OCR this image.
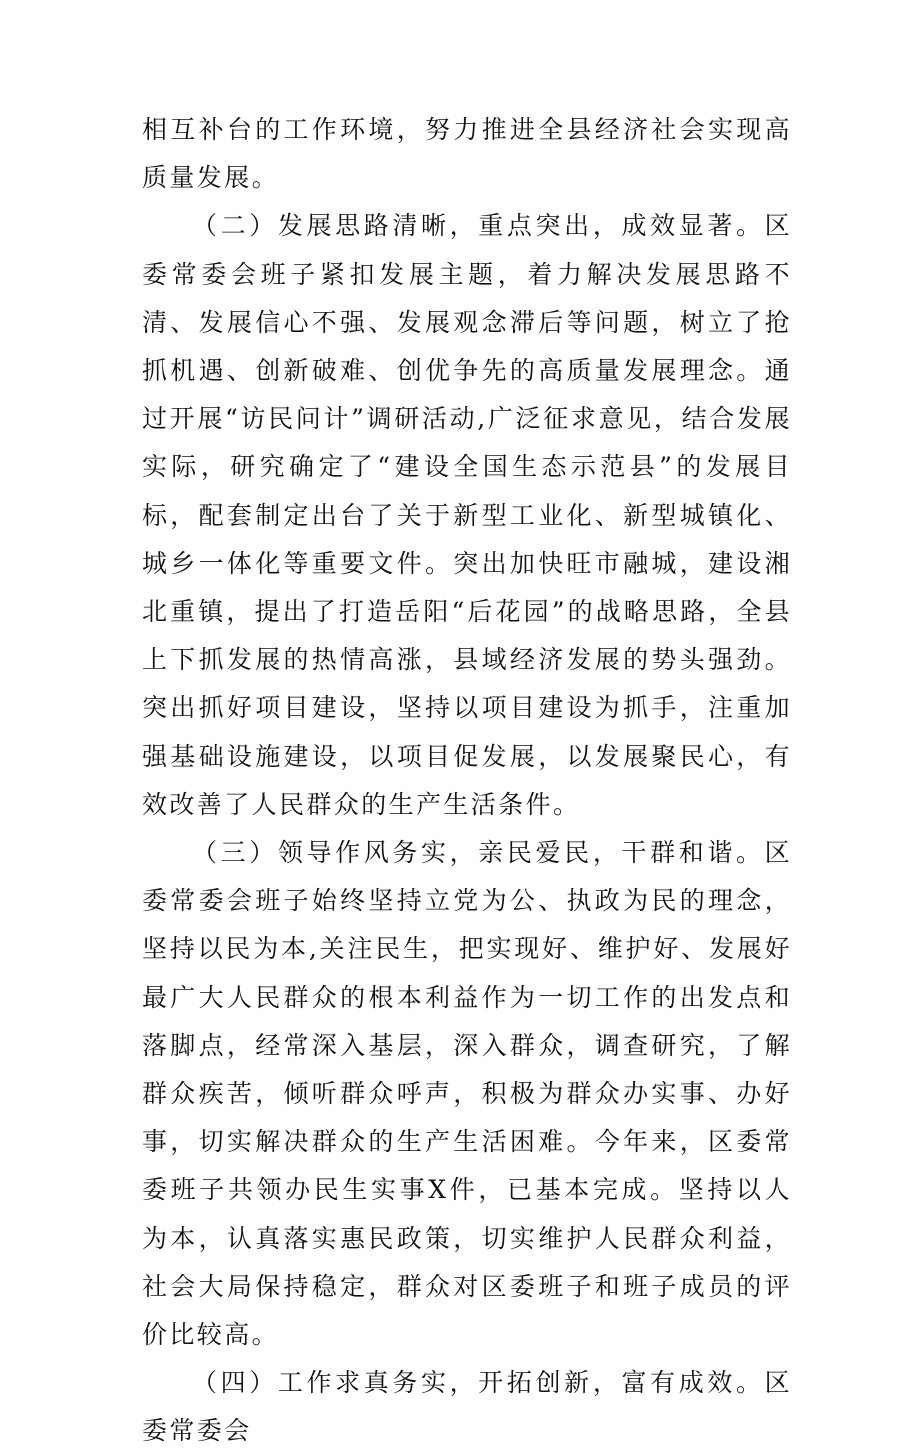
相互补台的工作环境，努力推进全县经济社会实现高质量发展。

（二）发展思路清晰，重点突出，成效显著。区委常委会班子紧扣发展主题，着力解决发展思路不清、发展信心不强、发展观念滞后等问题，树立了抢抓机遇、创新破难、创优争先的高质量发展理念。通过开展“访民问计”调研活动,广泛征求意见，结合发展实际，研究确定了“建设全国生态示范县”的发展目标，配套制定出台了关于新型工业化、新型城镇化、城乡一体化等重要文件。突出加快旺市融城，建设湘北重镇，提出了打造岳阳“后花园”的战略思路，全县上下抓发展的热情高涨，县域经济发展的势头强劲。突出抓好项目建设，坚持以项目建设为抓手，注重加强基础设施建设，以项目促发展，以发展聚民心，有效改善了人民群众的生产生活条件。

（三）领导作风务实，亲民爱民，干群和谐。区委常委会班子始终坚持立党为公、执政为民的理念，坚持以民为本,关注民生，把实现好、维护好、发展好最广大人民群众的根本利益作为一切工作的出发点和落脚点，经常深入基层，深入群众，调查研究，了解群众疾苦，倾听群众呼声，积极为群众办实事、办好事，切实解决群众的生产生活困难。今年来，区委常委班子共领办民生实事X件，已基本完成。坚持以人为本，认真落实惠民政策，切实维护人民群众利益，社会大局保持稳定，群众对区委班子和班子成员的评价比较高。

（四）工作求真务实，开拓创新，富有成效。区委常委会
